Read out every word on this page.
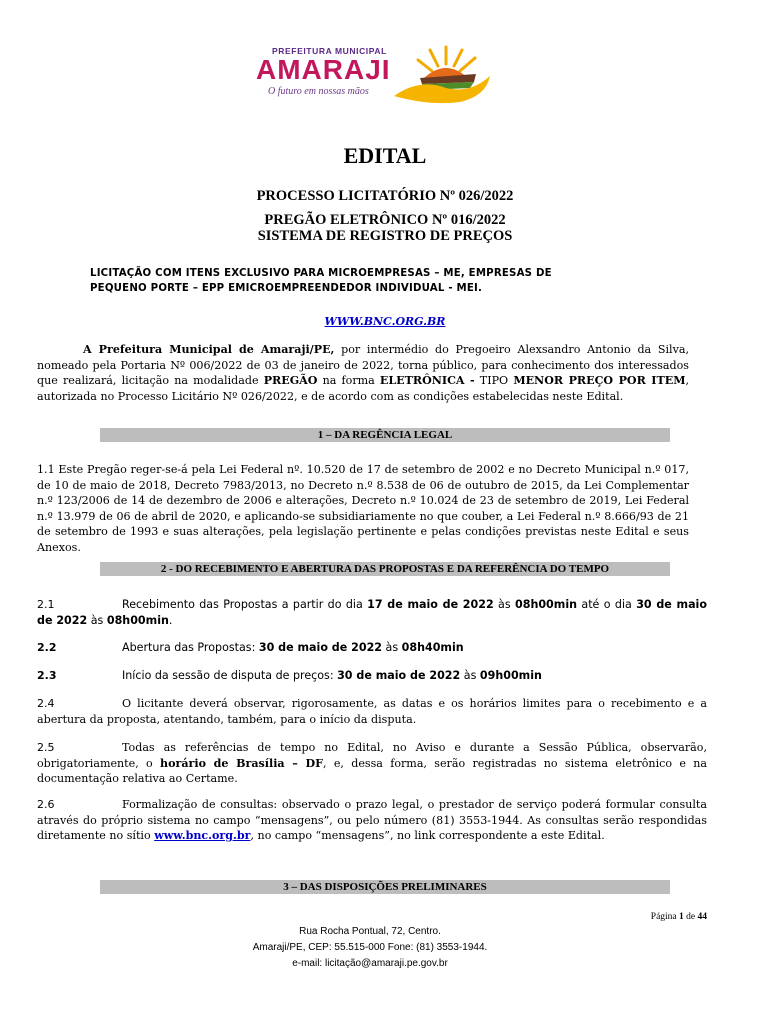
PREFEITURA MUNICIPAL
AMARAJI
O futuro em nossas mãos
EDITAL
PROCESSO LICITATÓRIO Nº 026/2022
PREGÃO ELETRÔNICO Nº 016/2022
SISTEMA DE REGISTRO DE PREÇOS
LICITAÇÃO COM ITENS EXCLUSIVO PARA MICROEMPRESAS – ME, EMPRESAS DE
PEQUENO PORTE – EPP EMICROEMPREENDEDOR INDIVIDUAL - MEI.
WWW.BNC.ORG.BR
A Prefeitura Municipal de Amaraji/PE, por intermédio do Pregoeiro Alexsandro Antonio da Silva, nomeado pela Portaria Nº 006/2022 de 03 de janeiro de 2022, torna público, para conhecimento dos interessados que realizará, licitação na modalidade PREGÃO na forma ELETRÔNICA - TIPO MENOR PREÇO POR ITEM, autorizada no Processo Licitário Nº 026/2022, e de acordo com as condições estabelecidas neste Edital.
1 – DA REGÊNCIA LEGAL
1.1 Este Pregão reger-se-á pela Lei Federal nº. 10.520 de 17 de setembro de 2002 e no Decreto Municipal n.º 017, de 10 de maio de 2018, Decreto 7983/2013, no Decreto n.º 8.538 de 06 de outubro de 2015, da Lei Complementar n.º 123/2006 de 14 de dezembro de 2006 e alterações, Decreto n.º 10.024 de 23 de setembro de 2019, Lei Federal n.º 13.979 de 06 de abril de 2020, e aplicando-se subsidiariamente no que couber, a Lei Federal n.º 8.666/93 de 21 de setembro de 1993 e suas alterações, pela legislação pertinente e pelas condições previstas neste Edital e seus Anexos.
2 - DO RECEBIMENTO E ABERTURA DAS PROPOSTAS E DA REFERÊNCIA DO TEMPO
2.1	Recebimento das Propostas a partir do dia 17 de maio de 2022 às 08h00min até o dia 30 de maio de 2022 às 08h00min.
2.2	Abertura das Propostas: 30 de maio de 2022 às 08h40min
2.3	Início da sessão de disputa de preços: 30 de maio de 2022 às 09h00min
2.4	O licitante deverá observar, rigorosamente, as datas e os horários limites para o recebimento e a abertura da proposta, atentando, também, para o início da disputa.
2.5	Todas as referências de tempo no Edital, no Aviso e durante a Sessão Pública, observarão, obrigatoriamente, o horário de Brasília – DF, e, dessa forma, serão registradas no sistema eletrônico e na documentação relativa ao Certame.
2.6	Formalização de consultas: observado o prazo legal, o prestador de serviço poderá formular consulta através do próprio sistema no campo “mensagens”, ou pelo número (81) 3553-1944. As consultas serão respondidas diretamente no sítio www.bnc.org.br, no campo “mensagens”, no link correspondente a este Edital.
3 – DAS DISPOSIÇÕES PRELIMINARES
Página 1 de 44
Rua Rocha Pontual, 72, Centro.
Amaraji/PE, CEP: 55.515-000 Fone: (81) 3553-1944.
e-mail: licitação@amaraji.pe.gov.br
